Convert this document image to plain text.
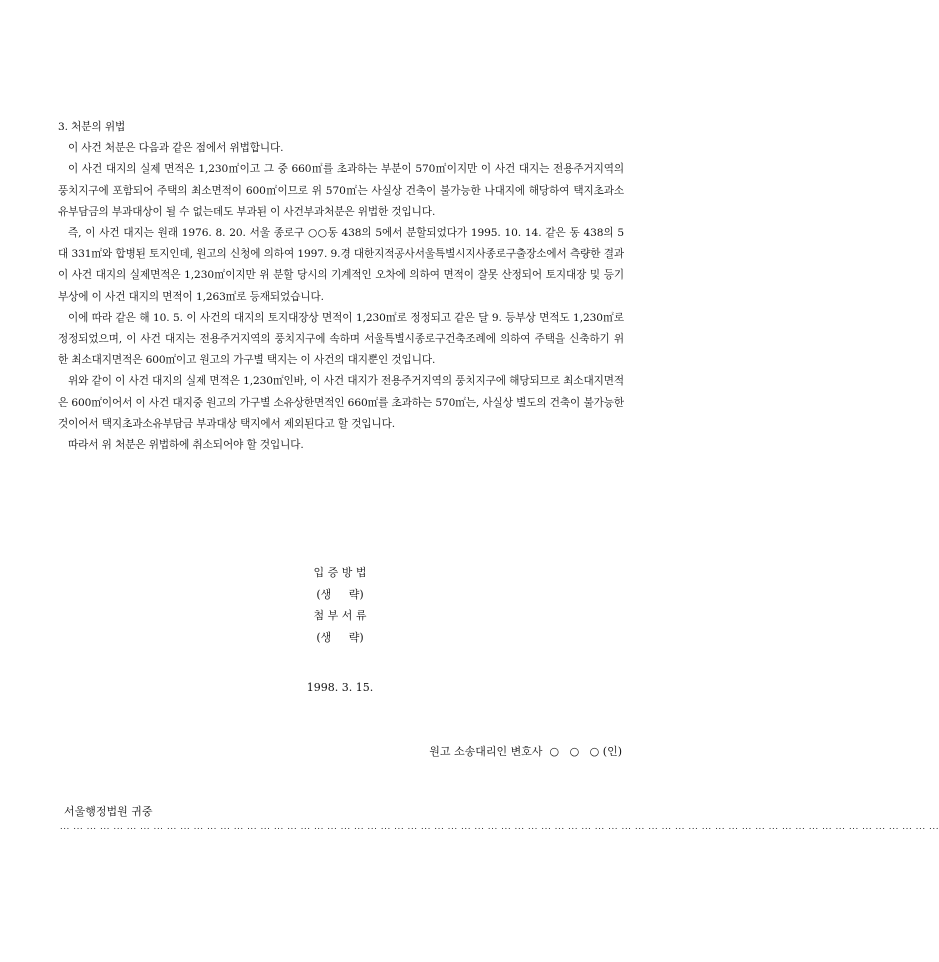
3. 처분의 위법

이 사건 처분은 다음과 같은 점에서 위법합니다.

이 사건 대지의 실제 면적은 1,230㎡이고 그 중 660㎡를 초과하는 부분이 570㎡이지만 이 사건 대지는 전용주거지역의 풍치지구에 포함되어 주택의 최소면적이 600㎡이므로 위 570㎡는 사실상 건축이 불가능한 나대지에 해당하여 택지초과소유부담금의 부과대상이 될 수 없는데도 부과된 이 사건부과처분은 위법한 것입니다.

즉, 이 사건 대지는 원래 1976. 8. 20. 서울 종로구 ○○동 438의 5에서 분할되었다가 1995. 10. 14. 같은 동 438의 5 대 331㎡와 합병된 토지인데, 원고의 신청에 의하여 1997. 9.경 대한지적공사서울특별시지사종로구출장소에서 측량한 결과 이 사건 대지의 실제면적은 1,230㎡이지만 위 분할 당시의 기계적인 오차에 의하여 면적이 잘못 산정되어 토지대장 및 등기부상에 이 사건 대지의 면적이 1,263㎡로 등재되었습니다.

이에 따라 같은 해 10. 5. 이 사건의 대지의 토지대장상 면적이 1,230㎡로 정정되고 같은 달 9. 등부상 면적도 1,230㎡로 정정되었으며, 이 사건 대지는 전용주거지역의 풍치지구에 속하며 서울특별시종로구건축조례에 의하여 주택을 신축하기 위한 최소대지면적은 600㎡이고 원고의 가구별 택지는 이 사건의 대지뿐인 것입니다.

위와 같이 이 사건 대지의 실제 면적은 1,230㎡인바, 이 사건 대지가 전용주거지역의 풍치지구에 해당되므로 최소대지면적은 600㎡이어서 이 사건 대지중 원고의 가구별 소유상한면적인 660㎡를 초과하는 570㎡는, 사실상 별도의 건축이 불가능한 것이어서 택지초과소유부담금 부과대상 택지에서 제외된다고 할 것입니다.

따라서 위 처분은 위법하에 취소되어야 할 것입니다.

입 증 방 법
(생     략)
첨 부 서 류
(생     략)
1998. 3. 15.
원고 소송대리인 변호사  ○   ○   ○ (인)
서울행정법원 귀중
... ... ... ... ... ... ... ... ... ... ... ... ... ... ... ... ... ... ... ... ... ... ... ... ... ... ... ... ... ... ... ... ... ... ... ... ... ... ... ... ... ... ... ... ... ... ... ... ... ... ... ... ... ... ... ... ... ... ... ... ... ... ... ... ... ...
